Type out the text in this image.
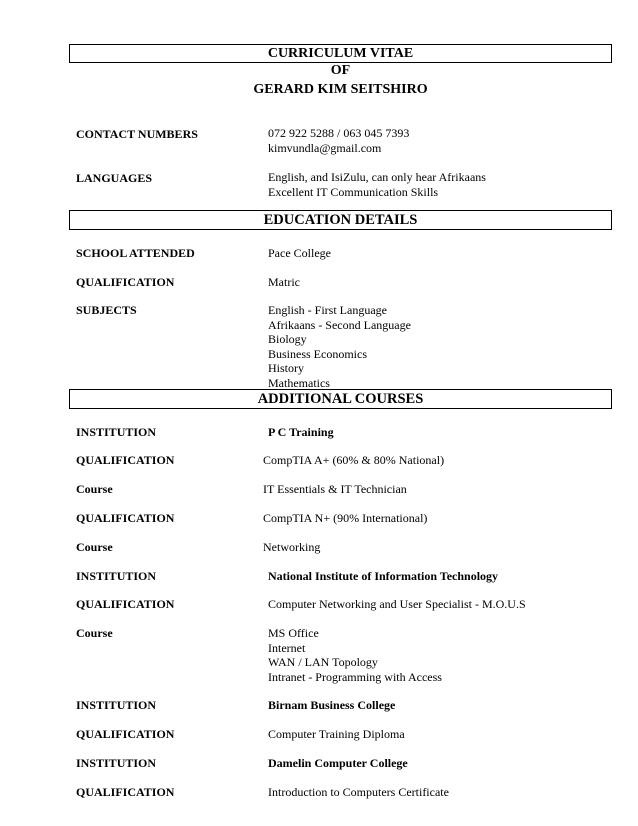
CURRICULUM VITAE
OF
GERARD KIM SEITSHIRO
CONTACT NUMBERS	072 922 5288 / 063 045 7393
kimvundla@gmail.com
LANGUAGES	English, and IsiZulu, can only hear Afrikaans
Excellent IT Communication Skills
EDUCATION DETAILS
SCHOOL ATTENDED	Pace College
QUALIFICATION	Matric
SUBJECTS	English - First Language
Afrikaans - Second Language
Biology
Business Economics
History
Mathematics
ADDITIONAL COURSES
INSTITUTION	P C Training
QUALIFICATION	CompTIA A+ (60% & 80% National)
Course	IT Essentials & IT Technician
QUALIFICATION	CompTIA N+ (90% International)
Course	Networking
INSTITUTION	National Institute of Information Technology
QUALIFICATION	Computer Networking and User Specialist - M.O.U.S
Course	MS Office
Internet
WAN / LAN Topology
Intranet - Programming with Access
INSTITUTION	Birnam Business College
QUALIFICATION	Computer Training Diploma
INSTITUTION	Damelin Computer College
QUALIFICATION	Introduction to Computers Certificate
